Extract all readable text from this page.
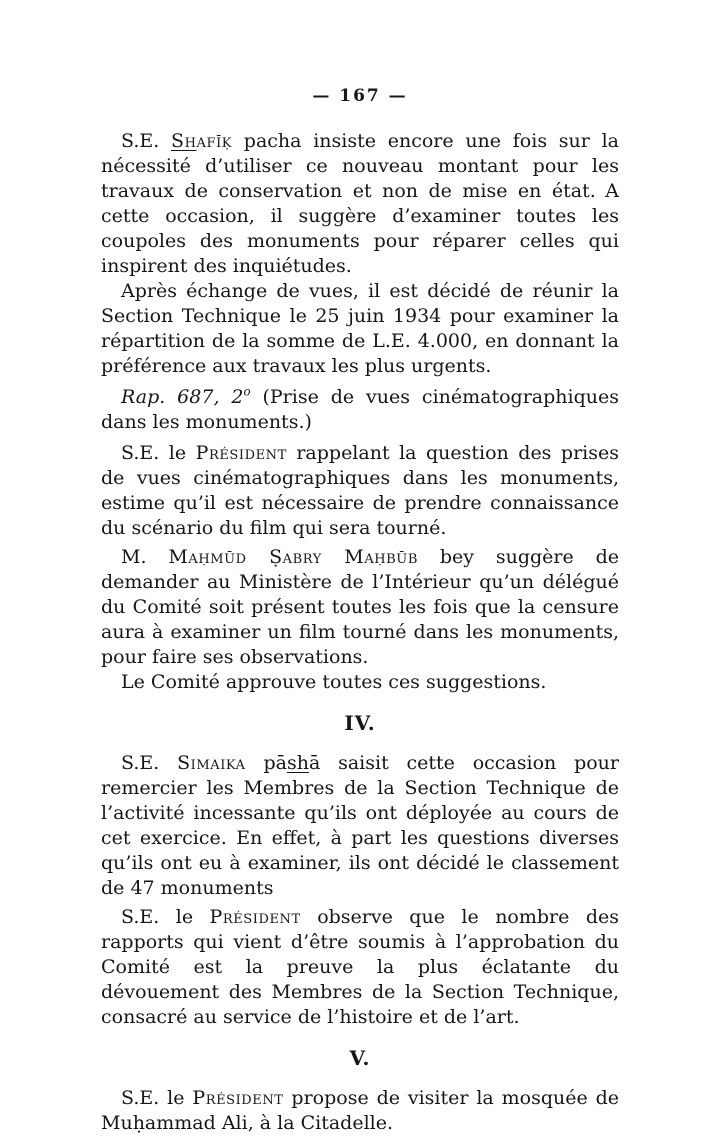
— 167 —

S.E. Shafīḳ pacha insiste encore une fois sur la nécessité d’utiliser ce nouveau montant pour les travaux de conservation et non de mise en état. A cette occasion, il suggère d’examiner toutes les coupoles des monuments pour réparer celles qui inspirent des inquiétudes.

Après échange de vues, il est décidé de réunir la Section Technique le 25 juin 1934 pour examiner la répartition de la somme de L.E. 4.000, en donnant la préférence aux travaux les plus urgents.

Rap. 687, 2$^o$ (Prise de vues cinématographiques dans les monuments.)

S.E. le Président rappelant la question des prises de vues cinématographiques dans les monuments, estime qu’il est nécessaire de prendre connaissance du scénario du film qui sera tourné.

M. Maḥmūd Ṣabry Maḥbūb bey suggère de demander au Ministère de l’Intérieur qu’un délégué du Comité soit présent toutes les fois que la censure aura à examiner un film tourné dans les monuments, pour faire ses observations.

Le Comité approuve toutes ces suggestions.

IV.

S.E. Simaika pāshā saisit cette occasion pour remercier les Membres de la Section Technique de l’activité incessante qu’ils ont déployée au cours de cet exercice. En effet, à part les questions diverses qu’ils ont eu à examiner, ils ont décidé le classement de 47 monuments

S.E. le Président observe que le nombre des rapports qui vient d’être soumis à l’approbation du Comité est la preuve la plus éclatante du dévouement des Membres de la Section Technique, consacré au service de l’histoire et de l’art.

V.

S.E. le Président propose de visiter la mosquée de Muḥammad Ali, à la Citadelle.
